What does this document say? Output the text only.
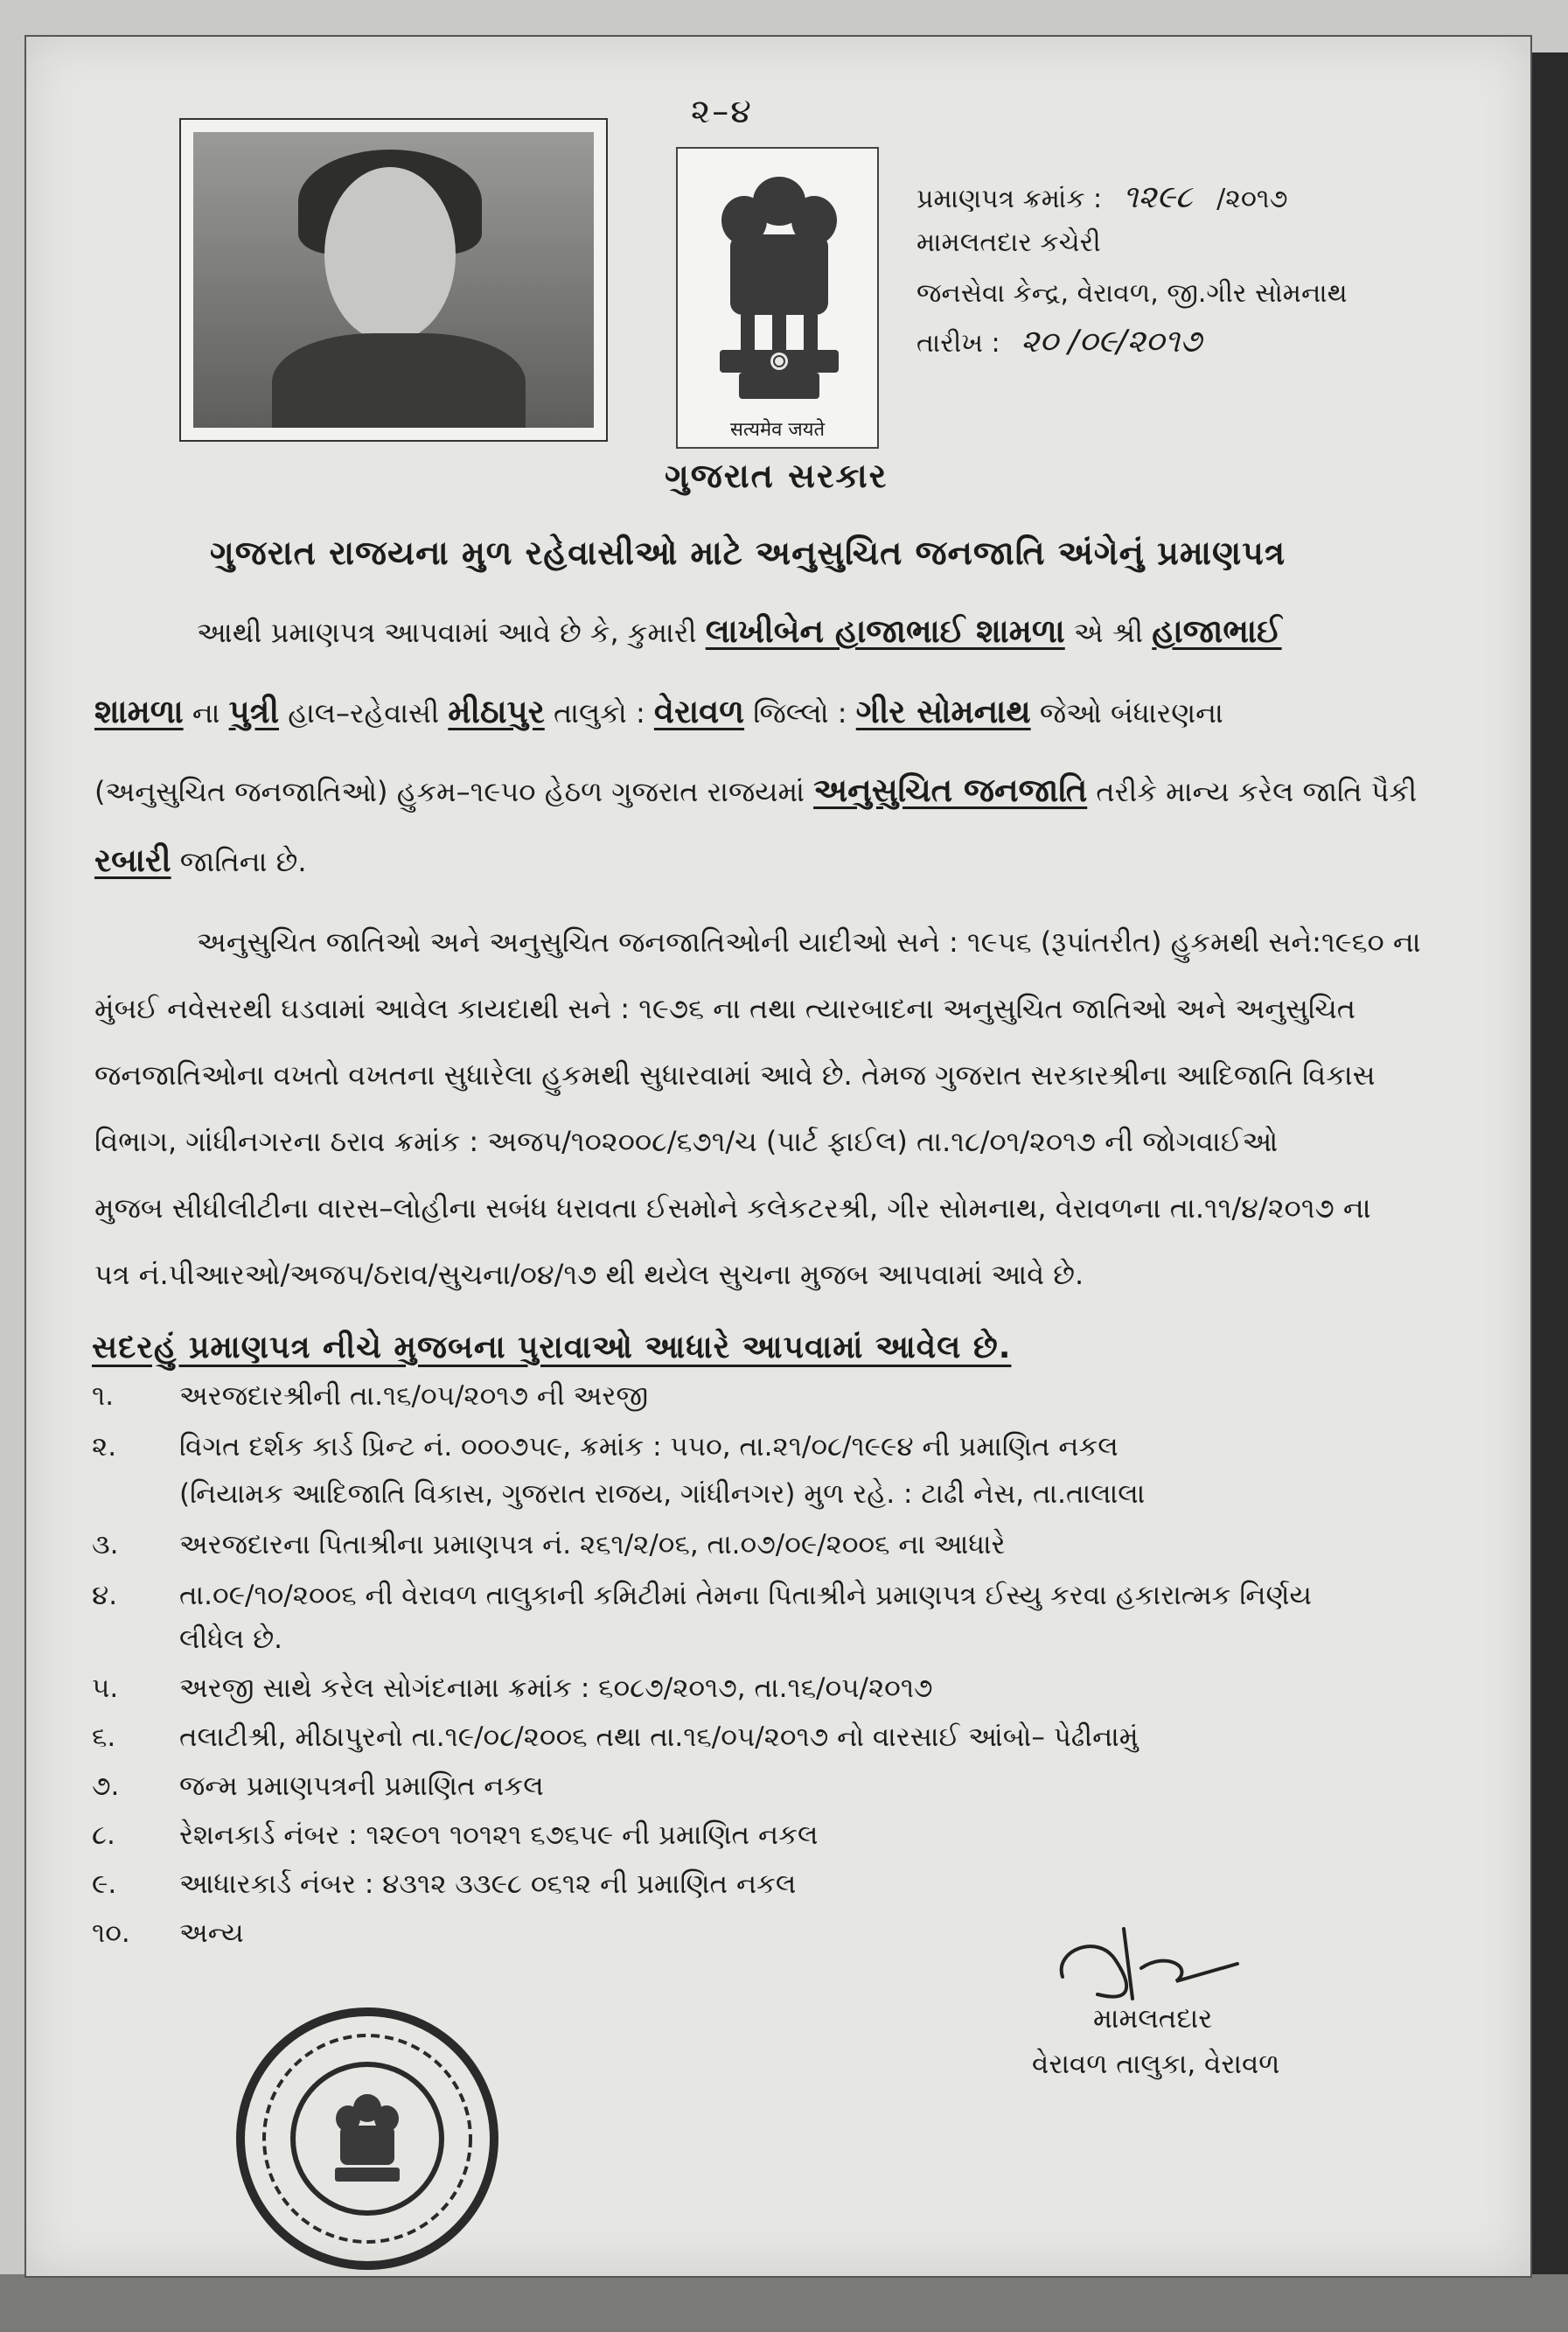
૨–૪
सत्यमेव जयते
ગુજરાત સરકાર
પ્રમાણપત્ર ક્રમાંક : ૧૨૯૮ /૨૦૧૭
મામલતદાર કચેરી
જનસેવા કેન્દ્ર, વેરાવળ, જી.ગીર સોમનાથ
તારીખ : ૨૦ /૦૯/૨૦૧૭
ગુજરાત રાજયના મુળ રહેવાસીઓ માટે અનુસુચિત જનજાતિ અંગેનું પ્રમાણપત્ર
આથી પ્રમાણપત્ર આપવામાં આવે છે કે, કુમારી લાખીબેન હાજાભાઈ શામળા એ શ્રી હાજાભાઈ
શામળા ના પુત્રી હાલ–રહેવાસી મીઠાપુર તાલુકો : વેરાવળ જિલ્લો : ગીર સોમનાથ જેઓ બંધારણના
(અનુસુચિત જનજાતિઓ) હુકમ–૧૯૫૦ હેઠળ ગુજરાત રાજયમાં અનુસુચિત જનજાતિ તરીકે માન્ય કરેલ જાતિ પૈકી
રબારી જાતિના છે.
અનુસુચિત જાતિઓ અને અનુસુચિત જનજાતિઓની યાદીઓ સને : ૧૯૫૬ (રૂપાંતરીત) હુકમથી સને:૧૯૬૦ ના
મુંબઈ નવેસરથી ઘડવામાં આવેલ કાયદાથી સને : ૧૯૭૬ ના તથા ત્યારબાદના અનુસુચિત જાતિઓ અને અનુસુચિત
જનજાતિઓના વખતો વખતના સુધારેલા હુકમથી સુધારવામાં આવે છે. તેમજ ગુજરાત સરકારશ્રીના આદિજાતિ વિકાસ
વિભાગ, ગાંધીનગરના ઠરાવ ક્રમાંક : અજપ/૧૦૨૦૦૮/૬૭૧/ચ (પાર્ટ ફાઈલ) તા.૧૮/૦૧/૨૦૧૭ ની જોગવાઈઓ
મુજબ સીધીલીટીના વારસ–લોહીના સબંધ ધરાવતા ઈસમોને કલેકટરશ્રી, ગીર સોમનાથ, વેરાવળના તા.૧૧/૪/૨૦૧૭ ના
પત્ર નં.પીઆરઓ/અજપ/ઠરાવ/સુચના/૦૪/૧૭ થી થયેલ સુચના મુજબ આપવામાં આવે છે.
સદરહું પ્રમાણપત્ર નીચે મુજબના પુરાવાઓ આધારે આપવામાં આવેલ છે.
૧. અરજદારશ્રીની તા.૧૬/૦૫/૨૦૧૭ ની અરજી
૨. વિગત દર્શક કાર્ડ પ્રિન્ટ નં. ૦૦૦૭૫૯, ક્રમાંક : ૫૫૦, તા.૨૧/૦૮/૧૯૯૪ ની પ્રમાણિત નકલ
(નિયામક આદિજાતિ વિકાસ, ગુજરાત રાજય, ગાંધીનગર) મુળ રહે. : ટાઢી નેસ, તા.તાલાલા
૩. અરજદારના પિતાશ્રીના પ્રમાણપત્ર નં. ૨૬૧/૨/૦૬, તા.૦૭/૦૯/૨૦૦૬ ના આધારે
૪. તા.૦૯/૧૦/૨૦૦૬ ની વેરાવળ તાલુકાની કમિટીમાં તેમના પિતાશ્રીને પ્રમાણપત્ર ઈસ્યુ કરવા હકારાત્મક નિર્ણય
લીધેલ છે.
૫. અરજી સાથે કરેલ સોગંદનામા ક્રમાંક : ૬૦૮૭/૨૦૧૭, તા.૧૬/૦૫/૨૦૧૭
૬. તલાટીશ્રી, મીઠાપુરનો તા.૧૯/૦૮/૨૦૦૬ તથા તા.૧૬/૦૫/૨૦૧૭ નો વારસાઈ આંબો– પેઢીનામું
૭. જન્મ પ્રમાણપત્રની પ્રમાણિત નકલ
૮. રેશનકાર્ડ નંબર : ૧૨૯૦૧ ૧૦૧૨૧ ૬૭૬૫૯ ની પ્રમાણિત નકલ
૯. આધારકાર્ડ નંબર : ૪૩૧૨ ૩૩૯૮ ૦૬૧૨ ની પ્રમાણિત નકલ
૧૦. અન્ય
મામલતદાર
વેરાવળ તાલુકા, વેરાવળ
